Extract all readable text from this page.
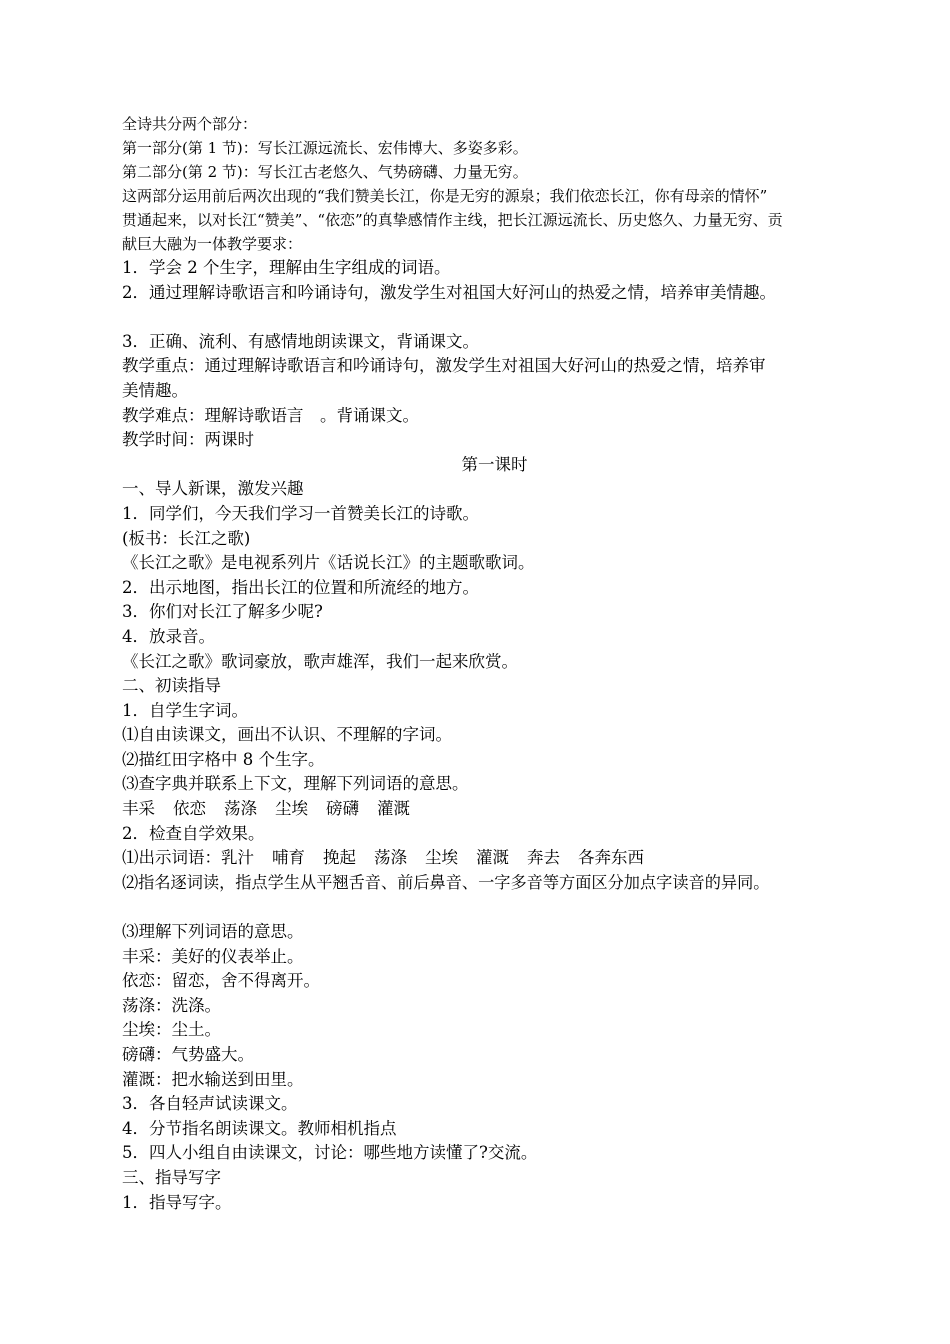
全诗共分两个部分：

第一部分(第 1 节)：写长江源远流长、宏伟博大、多姿多彩。

第二部分(第 2 节)：写长江古老悠久、气势磅礴、力量无穷。

这两部分运用前后两次出现的“我们赞美长江，你是无穷的源泉；我们依恋长江，你有母亲的情怀”

贯通起来，以对长江“赞美”、“依恋”的真挚感情作主线，把长江源远流长、历史悠久、力量无穷、贡

献巨大融为一体教学要求：

1．学会 2 个生字，理解由生字组成的词语。

2．通过理解诗歌语言和吟诵诗句，激发学生对祖国大好河山的热爱之情，培养审美情趣。

3．正确、流利、有感情地朗读课文，背诵课文。

教学重点：通过理解诗歌语言和吟诵诗句，激发学生对祖国大好河山的热爱之情，培养审

美情趣。

教学难点：理解诗歌语言　。背诵课文。

教学时间：两课时

第一课时

一、导人新课，激发兴趣

1．同学们，今天我们学习一首赞美长江的诗歌。

(板书：长江之歌)

《长江之歌》是电视系列片《话说长江》的主题歌歌词。

2．出示地图，指出长江的位置和所流经的地方。

3．你们对长江了解多少呢?

4．放录音。

《长江之歌》歌词豪放，歌声雄浑，我们一起来欣赏。

二、初读指导

1．自学生字词。

⑴自由读课文，画出不认识、不理解的字词。

⑵描红田字格中 8 个生字。

⑶查字典并联系上下文，理解下列词语的意思。

丰采 依恋 荡涤 尘埃 磅礴 灌溉

2．检查自学效果。

⑴出示词语：乳汁 哺育 挽起 荡涤 尘埃 灌溉 奔去 各奔东西

⑵指名逐词读，指点学生从平翘舌音、前后鼻音、一字多音等方面区分加点字读音的异同。

⑶理解下列词语的意思。

丰采：美好的仪表举止。

依恋：留恋，舍不得离开。

荡涤：洗涤。

尘埃：尘土。

磅礴：气势盛大。

灌溉：把水输送到田里。

3．各自轻声试读课文。

4．分节指名朗读课文。教师相机指点

5．四人小组自由读课文，讨论：哪些地方读懂了?交流。

三、指导写字

1．指导写字。
